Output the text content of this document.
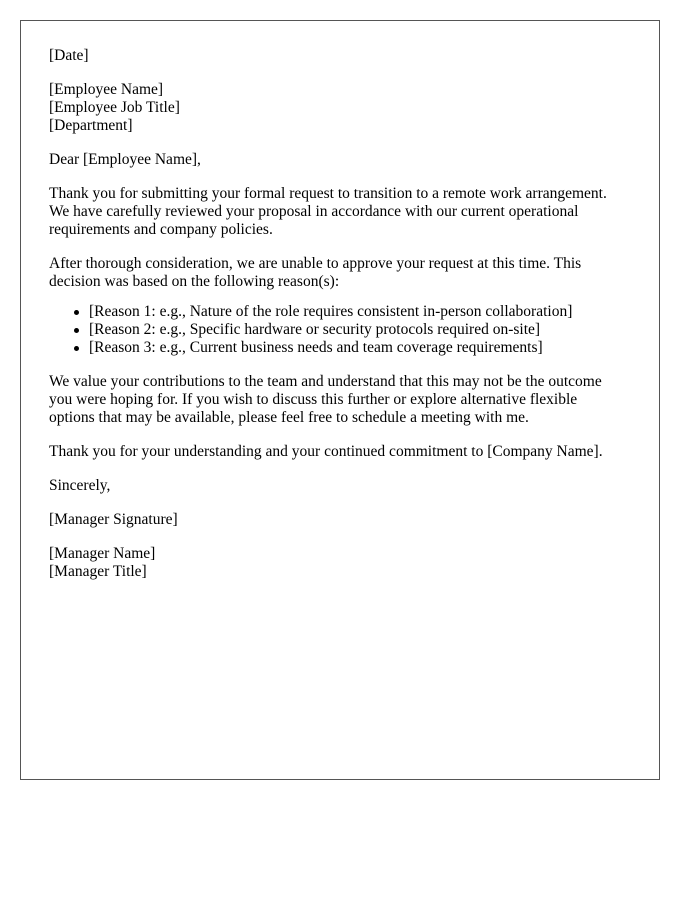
[Date]
[Employee Name]
[Employee Job Title]
[Department]
Dear [Employee Name],
Thank you for submitting your formal request to transition to a remote work arrangement.
We have carefully reviewed your proposal in accordance with our current operational
requirements and company policies.
After thorough consideration, we are unable to approve your request at this time. This
decision was based on the following reason(s):
[Reason 1: e.g., Nature of the role requires consistent in-person collaboration]
[Reason 2: e.g., Specific hardware or security protocols required on-site]
[Reason 3: e.g., Current business needs and team coverage requirements]
We value your contributions to the team and understand that this may not be the outcome
you were hoping for. If you wish to discuss this further or explore alternative flexible
options that may be available, please feel free to schedule a meeting with me.
Thank you for your understanding and your continued commitment to [Company Name].
Sincerely,
[Manager Signature]
[Manager Name]
[Manager Title]
